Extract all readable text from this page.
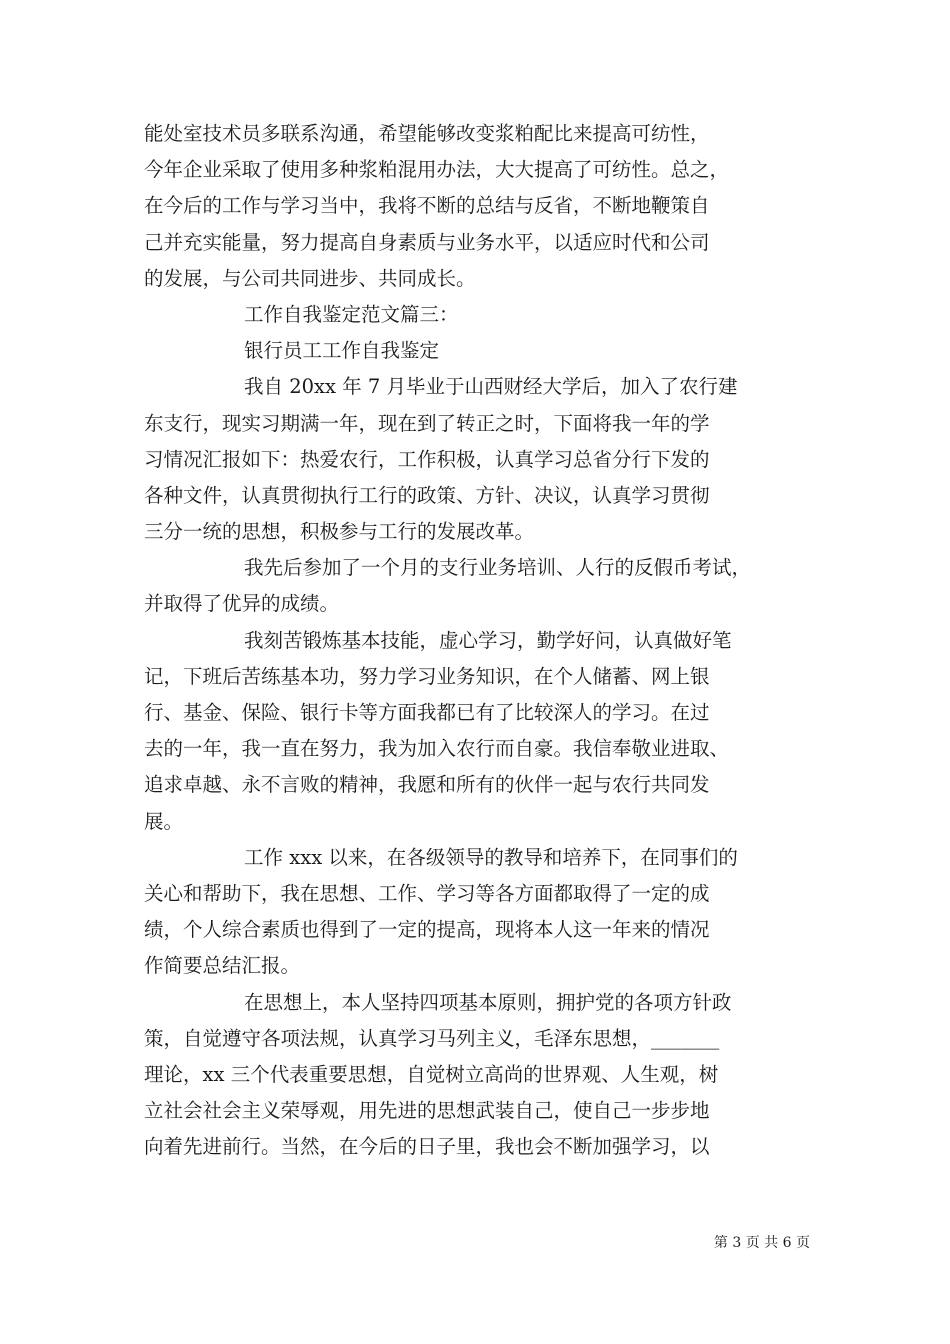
能处室技术员多联系沟通，希望能够改变浆粕配比来提高可纺性，
今年企业采取了使用多种浆粕混用办法，大大提高了可纺性。总之，
在今后的工作与学习当中，我将不断的总结与反省，不断地鞭策自
己并充实能量，努力提高自身素质与业务水平，以适应时代和公司
的发展，与公司共同进步、共同成长。
工作自我鉴定范文篇三：
银行员工工作自我鉴定
我自 20xx 年 7 月毕业于山西财经大学后，加入了农行建
东支行，现实习期满一年，现在到了转正之时，下面将我一年的学
习情况汇报如下：热爱农行，工作积极，认真学习总省分行下发的
各种文件，认真贯彻执行工行的政策、方针、决议，认真学习贯彻
三分一统的思想，积极参与工行的发展改革。
我先后参加了一个月的支行业务培训、人行的反假币考试，
并取得了优异的成绩。
我刻苦锻炼基本技能，虚心学习，勤学好问，认真做好笔
记，下班后苦练基本功，努力学习业务知识，在个人储蓄、网上银
行、基金、保险、银行卡等方面我都已有了比较深人的学习。在过
去的一年，我一直在努力，我为加入农行而自豪。我信奉敬业进取、
追求卓越、永不言败的精神，我愿和所有的伙伴一起与农行共同发
展。
工作 xxx 以来，在各级领导的教导和培养下，在同事们的
关心和帮助下，我在思想、工作、学习等各方面都取得了一定的成
绩，个人综合素质也得到了一定的提高，现将本人这一年来的情况
作简要总结汇报。
在思想上，本人坚持四项基本原则，拥护党的各项方针政
策，自觉遵守各项法规，认真学习马列主义，毛泽东思想，_______
理论，xx 三个代表重要思想，自觉树立高尚的世界观、人生观，树
立社会社会主义荣辱观，用先进的思想武装自己，使自己一步步地
向着先进前行。当然，在今后的日子里，我也会不断加强学习，以
第 3 页 共 6 页
